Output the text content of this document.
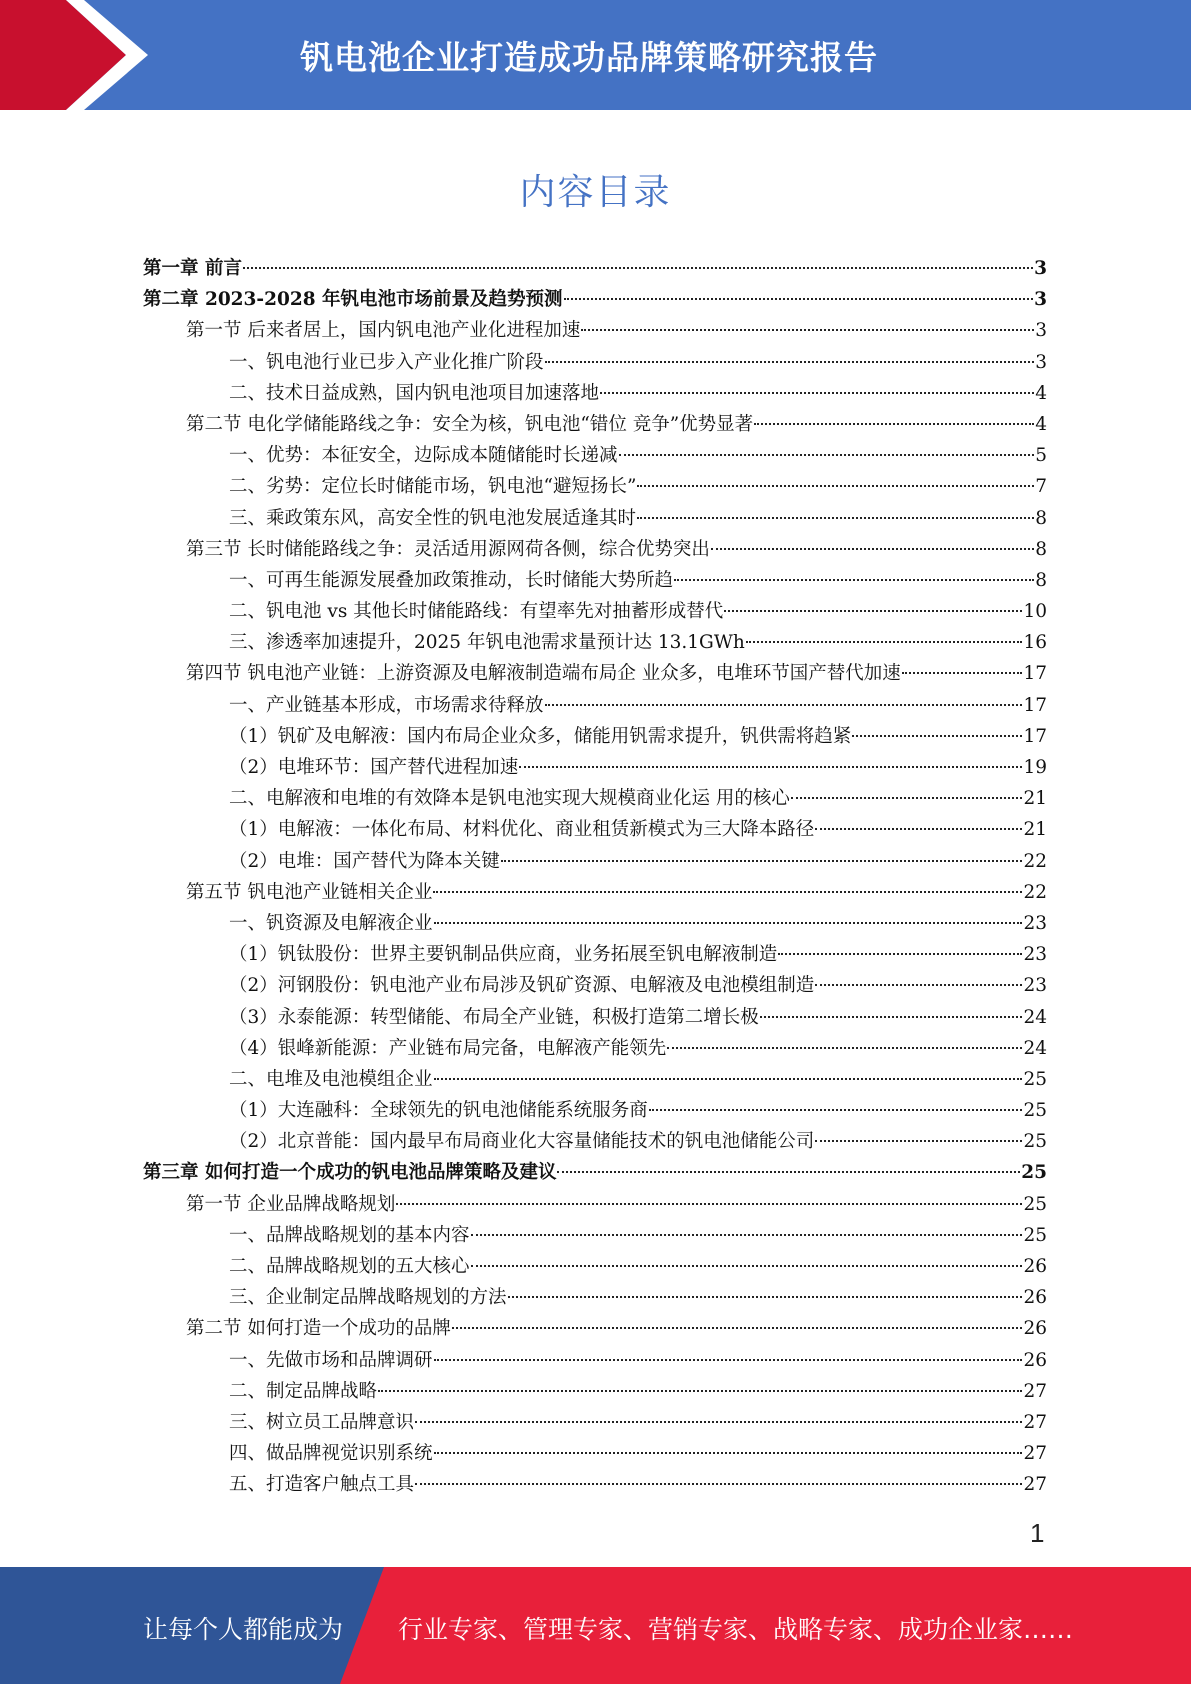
钒电池企业打造成功品牌策略研究报告
内容目录
第一章 前言	3
第二章 2023-2028 年钒电池市场前景及趋势预测	3
第一节 后来者居上，国内钒电池产业化进程加速	3
一、钒电池行业已步入产业化推广阶段	3
二、技术日益成熟，国内钒电池项目加速落地	4
第二节 电化学储能路线之争：安全为核，钒电池“错位 竞争”优势显著	4
一、优势：本征安全，边际成本随储能时长递减	5
二、劣势：定位长时储能市场，钒电池“避短扬长”	7
三、乘政策东风，高安全性的钒电池发展适逢其时	8
第三节 长时储能路线之争：灵活适用源网荷各侧，综合优势突出	8
一、可再生能源发展叠加政策推动，长时储能大势所趋	8
二、钒电池 vs 其他长时储能路线：有望率先对抽蓄形成替代	10
三、渗透率加速提升，2025 年钒电池需求量预计达 13.1GWh	16
第四节 钒电池产业链：上游资源及电解液制造端布局企 业众多，电堆环节国产替代加速	17
一、产业链基本形成，市场需求待释放	17
（1）钒矿及电解液：国内布局企业众多，储能用钒需求提升，钒供需将趋紧	17
（2）电堆环节：国产替代进程加速	19
二、电解液和电堆的有效降本是钒电池实现大规模商业化运 用的核心	21
（1）电解液：一体化布局、材料优化、商业租赁新模式为三大降本路径	21
（2）电堆：国产替代为降本关键	22
第五节 钒电池产业链相关企业	22
一、钒资源及电解液企业	23
（1）钒钛股份：世界主要钒制品供应商，业务拓展至钒电解液制造	23
（2）河钢股份：钒电池产业布局涉及钒矿资源、电解液及电池模组制造	23
（3）永泰能源：转型储能、布局全产业链，积极打造第二增长极	24
（4）银峰新能源：产业链布局完备，电解液产能领先	24
二、电堆及电池模组企业	25
（1）大连融科：全球领先的钒电池储能系统服务商	25
（2）北京普能：国内最早布局商业化大容量储能技术的钒电池储能公司	25
第三章 如何打造一个成功的钒电池品牌策略及建议	25
第一节 企业品牌战略规划	25
一、品牌战略规划的基本内容	25
二、品牌战略规划的五大核心	26
三、企业制定品牌战略规划的方法	26
第二节 如何打造一个成功的品牌	26
一、先做市场和品牌调研	26
二、制定品牌战略	27
三、树立员工品牌意识	27
四、做品牌视觉识别系统	27
五、打造客户触点工具	27
1
让每个人都能成为 行业专家、管理专家、营销专家、战略专家、成功企业家……
